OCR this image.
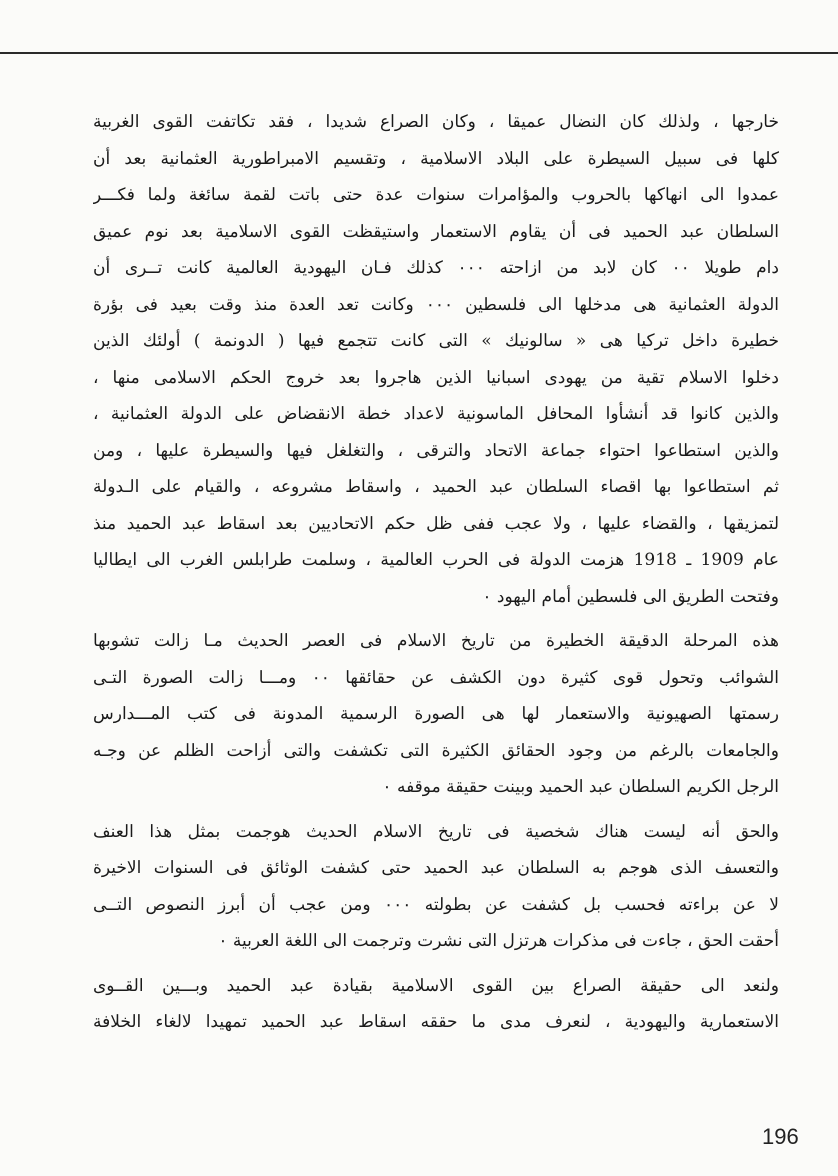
خارجها ، ولذلك كان النضال عميقا ، وكان الصراع شديدا ، فقد تكاتفت القوى الغربية
كلها فى سبيل السيطرة على البلاد الاسلامية ، وتقسيم الامبراطورية العثمانية بعد أن
عمدوا الى انهاكها بالحروب والمؤامرات سنوات عدة حتى باتت لقمة سائغة ولما فكـــر
السلطان عبد الحميد فى أن يقاوم الاستعمار واستيقظت القوى الاسلامية بعد نوم عميق
دام طويلا ٠٠ كان لابد من ازاحته ٠٠٠ كذلك فـان اليهودية العالمية كانت تــرى أن
الدولة العثمانية هى مدخلها الى فلسطين ٠٠٠ وكانت تعد العدة منذ وقت بعيد فى بؤرة
خطيرة داخل تركيا هى « سالونيك » التى كانت تتجمع فيها ( الدونمة ) أولئك الذين
دخلوا الاسلام تقية من يهودى اسبانيا الذين هاجروا بعد خروج الحكم الاسلامى منها ،
والذين كانوا قد أنشأوا المحافل الماسونية لاعداد خطة الانقضاض على الدولة العثمانية ،
والذين استطاعوا احتواء جماعة الاتحاد والترقى ، والتغلغل فيها والسيطرة عليها ، ومن
ثم استطاعوا بها اقصاء السلطان عبد الحميد ، واسقاط مشروعه ، والقيام على الـدولة
لتمزيقها ، والقضاء عليها ، ولا عجب ففى ظل حكم الاتحاديين بعد اسقاط عبد الحميد منذ
عام 1909 ـ 1918 هزمت الدولة فى الحرب العالمية ، وسلمت طرابلس الغرب الى ايطاليا
وفتحت الطريق الى فلسطين أمام اليهود ٠
هذه المرحلة الدقيقة الخطيرة من تاريخ الاسلام فى العصر الحديث مـا زالت تشوبها
الشوائب وتحول قوى كثيرة دون الكشف عن حقائقها ٠٠ ومـــا زالت الصورة التـى
رسمتها الصهيونية والاستعمار لها هى الصورة الرسمية المدونة فى كتب المـــدارس
والجامعات بالرغم من وجود الحقائق الكثيرة التى تكشفت والتى أزاحت الظلم عن وجـه
الرجل الكريم السلطان عبد الحميد وبينت حقيقة موقفه ٠
والحق أنه ليست هناك شخصية فى تاريخ الاسلام الحديث هوجمت بمثل هذا العنف
والتعسف الذى هوجم به السلطان عبد الحميد حتى كشفت الوثائق فى السنوات الاخيرة
لا عن براءته فحسب بل كشفت عن بطولته ٠٠٠ ومن عجب أن أبرز النصوص التــى
أحقت الحق ، جاءت فى مذكرات هرتزل التى نشرت وترجمت الى اللغة العربية ٠
ولنعد الى حقيقة الصراع بين القوى الاسلامية بقيادة عبد الحميد وبـــين القــوى
الاستعمارية واليهودية ، لنعرف مدى ما حققه اسقاط عبد الحميد تمهيدا لالغاء الخلافة
196
